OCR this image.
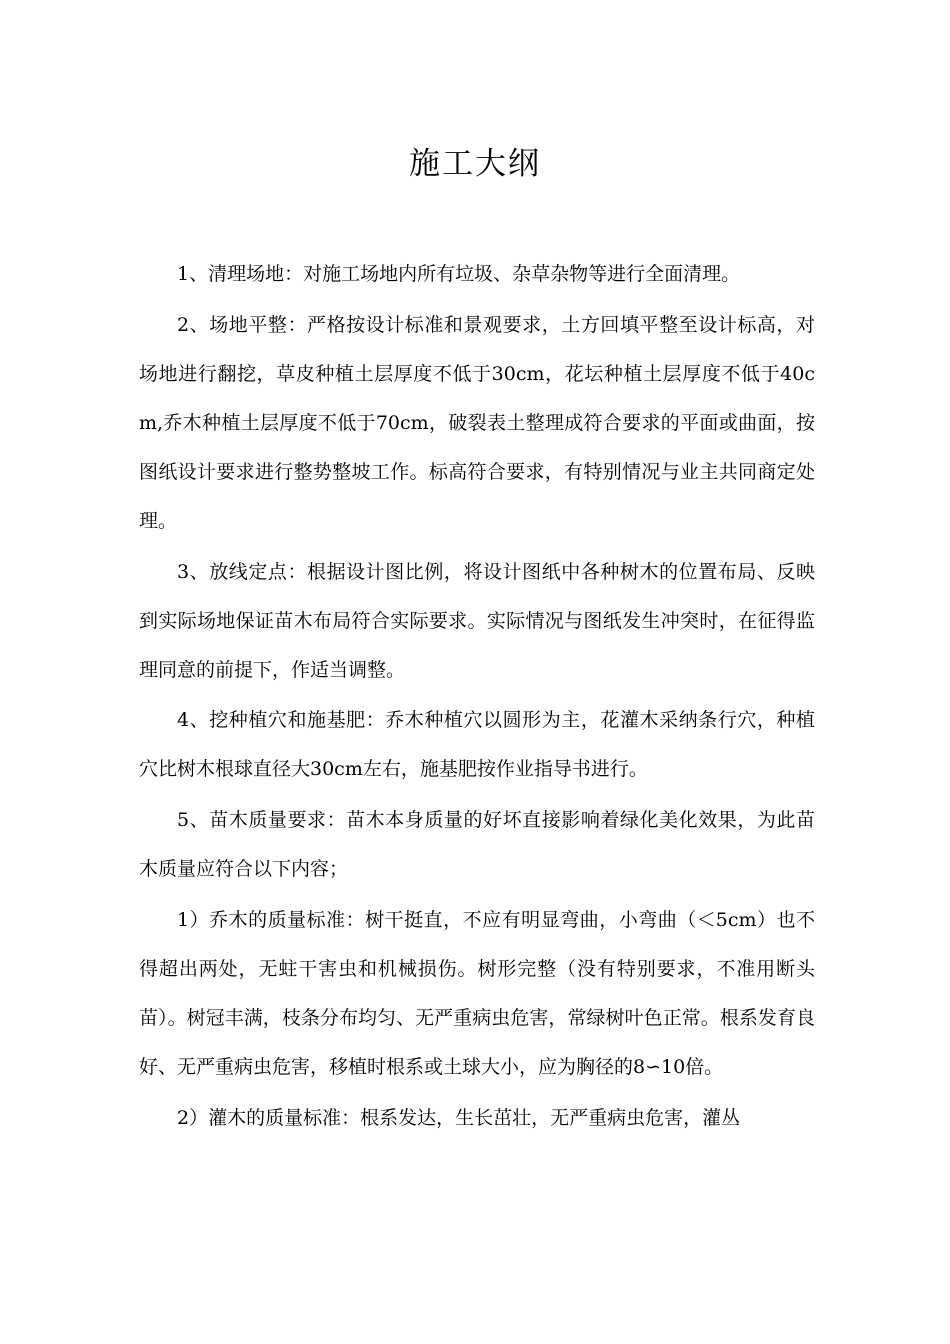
施工大纲

1、清理场地：对施工场地内所有垃圾、杂草杂物等进行全面清理。

2、场地平整：严格按设计标准和景观要求，土方回填平整至设计标高，对场地进行翻挖，草皮种植土层厚度不低于30cm，花坛种植土层厚度不低于40cm,乔木种植土层厚度不低于70cm，破裂表土整理成符合要求的平面或曲面，按图纸设计要求进行整势整坡工作。标高符合要求，有特别情况与业主共同商定处理。

3、放线定点：根据设计图比例，将设计图纸中各种树木的位置布局、反映到实际场地保证苗木布局符合实际要求。实际情况与图纸发生冲突时，在征得监理同意的前提下，作适当调整。

4、挖种植穴和施基肥：乔木种植穴以圆形为主，花灌木采纳条行穴，种植穴比树木根球直径大30cm左右，施基肥按作业指导书进行。

5、苗木质量要求：苗木本身质量的好坏直接影响着绿化美化效果，为此苗木质量应符合以下内容；

1）乔木的质量标准：树干挺直，不应有明显弯曲，小弯曲（＜5cm）也不得超出两处，无蛀干害虫和机械损伤。树形完整（没有特别要求，不准用断头苗）。树冠丰满，枝条分布均匀、无严重病虫危害，常绿树叶色正常。根系发育良好、无严重病虫危害，移植时根系或土球大小，应为胸径的8∽10倍。

2）灌木的质量标准：根系发达，生长茁壮，无严重病虫危害，灌丛
